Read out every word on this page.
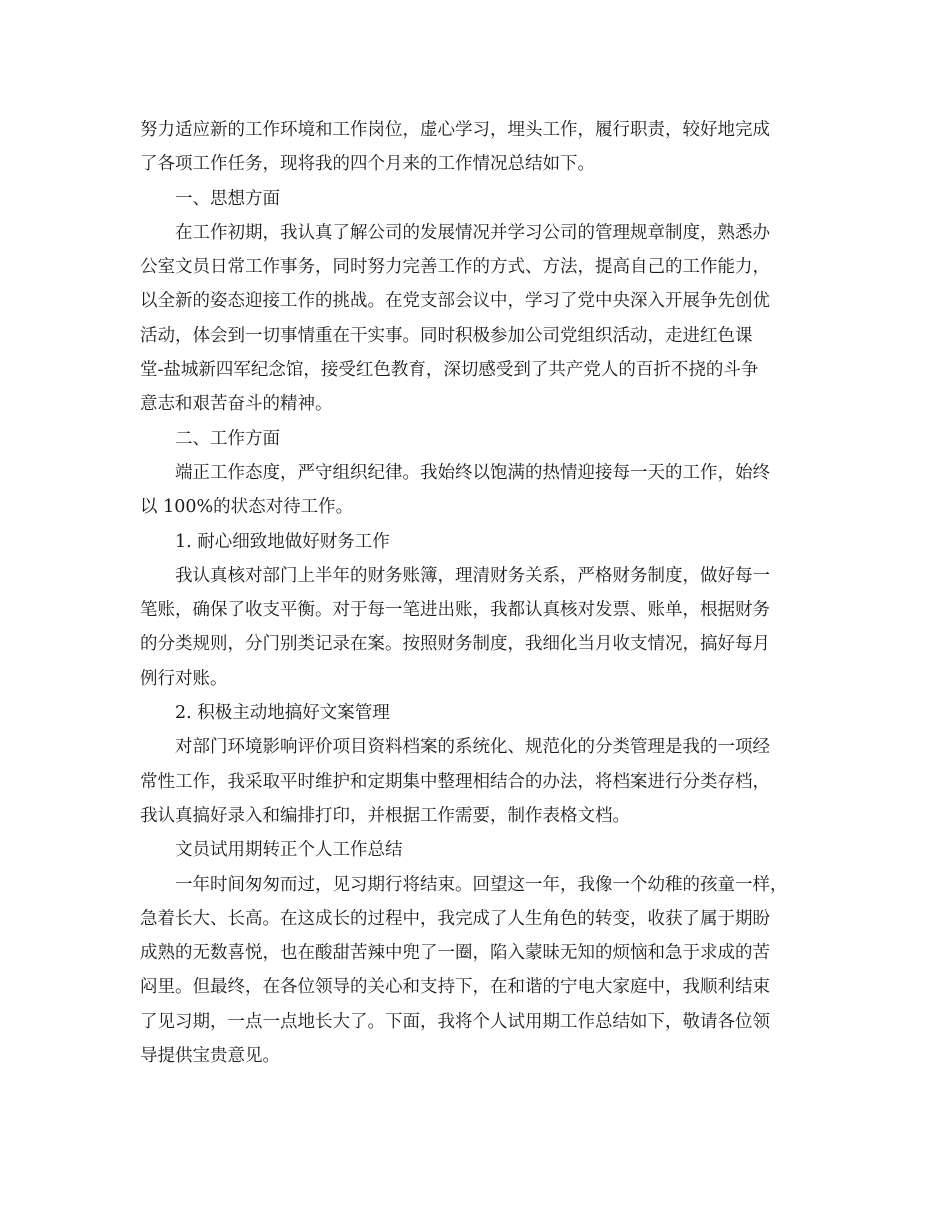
努力适应新的工作环境和工作岗位，虚心学习，埋头工作，履行职责，较好地完成
了各项工作任务，现将我的四个月来的工作情况总结如下。
一、思想方面
在工作初期，我认真了解公司的发展情况并学习公司的管理规章制度，熟悉办
公室文员日常工作事务，同时努力完善工作的方式、方法，提高自己的工作能力，
以全新的姿态迎接工作的挑战。在党支部会议中，学习了党中央深入开展争先创优
活动，体会到一切事情重在干实事。同时积极参加公司党组织活动，走进红色课
堂-盐城新四军纪念馆，接受红色教育，深切感受到了共产党人的百折不挠的斗争
意志和艰苦奋斗的精神。
二、工作方面
端正工作态度，严守组织纪律。我始终以饱满的热情迎接每一天的工作，始终
以 100%的状态对待工作。
1. 耐心细致地做好财务工作
我认真核对部门上半年的财务账簿，理清财务关系，严格财务制度，做好每一
笔账，确保了收支平衡。对于每一笔进出账，我都认真核对发票、账单，根据财务
的分类规则，分门别类记录在案。按照财务制度，我细化当月收支情况，搞好每月
例行对账。
2. 积极主动地搞好文案管理
对部门环境影响评价项目资料档案的系统化、规范化的分类管理是我的一项经
常性工作，我采取平时维护和定期集中整理相结合的办法，将档案进行分类存档，
我认真搞好录入和编排打印，并根据工作需要，制作表格文档。
文员试用期转正个人工作总结
一年时间匆匆而过，见习期行将结束。回望这一年，我像一个幼稚的孩童一样，
急着长大、长高。在这成长的过程中，我完成了人生角色的转变，收获了属于期盼
成熟的无数喜悦，也在酸甜苦辣中兜了一圈，陷入蒙昧无知的烦恼和急于求成的苦
闷里。但最终，在各位领导的关心和支持下，在和谐的宁电大家庭中，我顺利结束
了见习期，一点一点地长大了。下面，我将个人试用期工作总结如下，敬请各位领
导提供宝贵意见。
